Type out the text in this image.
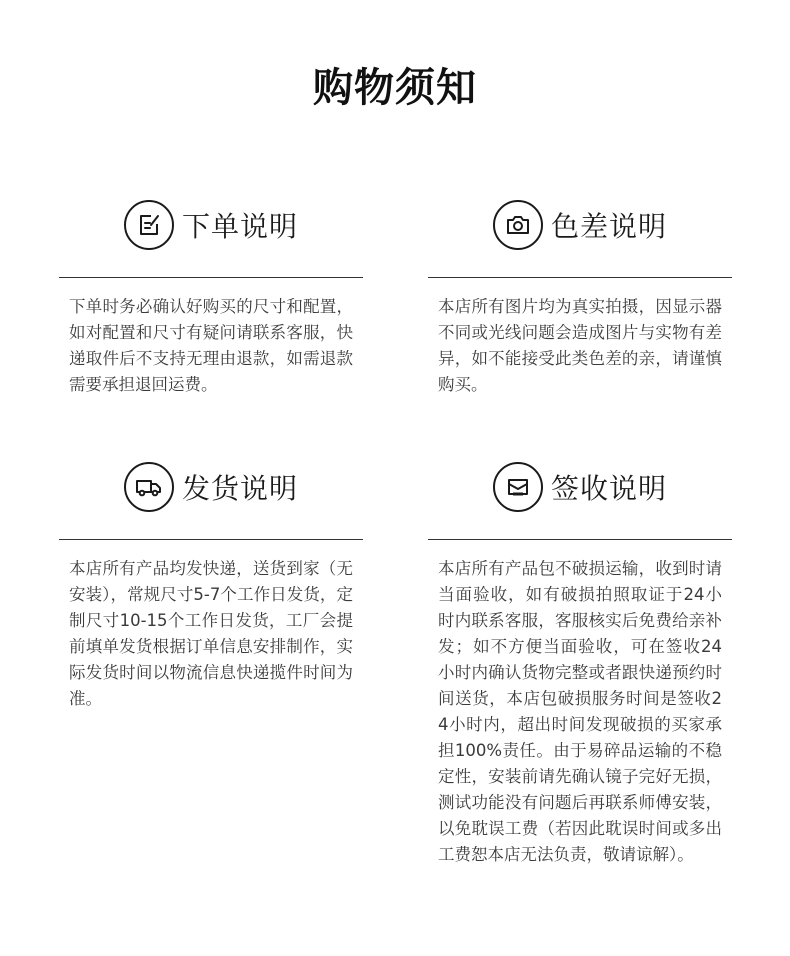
购物须知
下单说明
下单时务必确认好购买的尺寸和配置，如对配置和尺寸有疑问请联系客服，快递取件后不支持无理由退款，如需退款需要承担退回运费。
色差说明
本店所有图片均为真实拍摄，因显示器不同或光线问题会造成图片与实物有差异，如不能接受此类色差的亲，请谨慎购买。
发货说明
本店所有产品均发快递，送货到家（无安装），常规尺寸5-7个工作日发货，定制尺寸10-15个工作日发货，工厂会提前填单发货根据订单信息安排制作，实际发货时间以物流信息快递揽件时间为准。
签收说明
本店所有产品包不破损运输，收到时请当面验收，如有破损拍照取证于24小时内联系客服，客服核实后免费给亲补发；如不方便当面验收，可在签收24小时内确认货物完整或者跟快递预约时间送货，本店包破损服务时间是签收24小时内，超出时间发现破损的买家承担100%责任。由于易碎品运输的不稳定性，安装前请先确认镜子完好无损，测试功能没有问题后再联系师傅安装，以免耽误工费（若因此耽误时间或多出工费恕本店无法负责，敬请谅解）。
